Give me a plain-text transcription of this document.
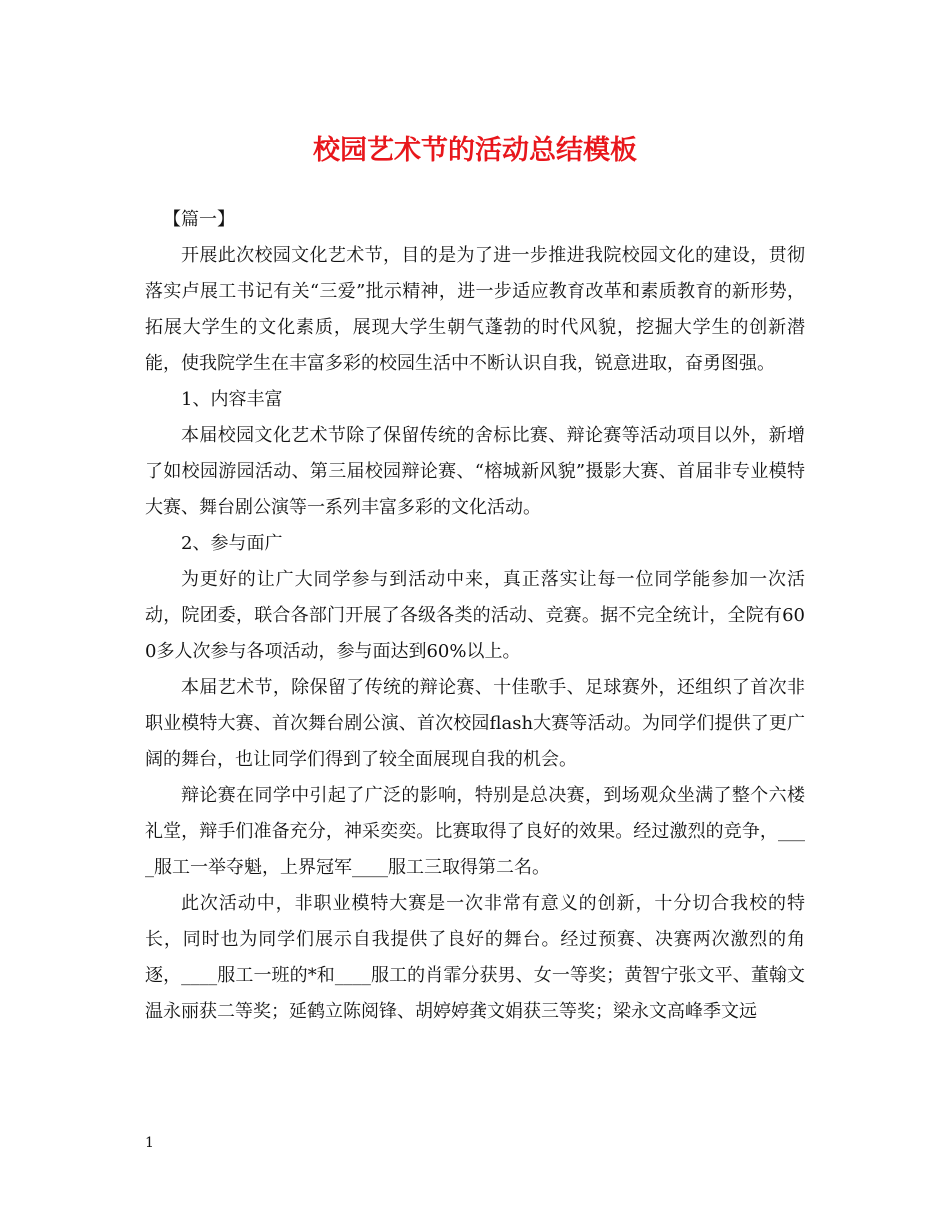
校园艺术节的活动总结模板

【篇一】

开展此次校园文化艺术节，目的是为了进一步推进我院校园文化的建设，贯彻落实卢展工书记有关“三爱”批示精神，进一步适应教育改革和素质教育的新形势，拓展大学生的文化素质，展现大学生朝气蓬勃的时代风貌，挖掘大学生的创新潜能，使我院学生在丰富多彩的校园生活中不断认识自我，锐意进取，奋勇图强。

1、内容丰富

本届校园文化艺术节除了保留传统的舍标比赛、辩论赛等活动项目以外，新增了如校园游园活动、第三届校园辩论赛、“榕城新风貌”摄影大赛、首届非专业模特大赛、舞台剧公演等一系列丰富多彩的文化活动。

2、参与面广

为更好的让广大同学参与到活动中来，真正落实让每一位同学能参加一次活动，院团委，联合各部门开展了各级各类的活动、竞赛。据不完全统计，全院有600多人次参与各项活动，参与面达到60%以上。

本届艺术节，除保留了传统的辩论赛、十佳歌手、足球赛外，还组织了首次非职业模特大赛、首次舞台剧公演、首次校园flash大赛等活动。为同学们提供了更广阔的舞台，也让同学们得到了较全面展现自我的机会。

辩论赛在同学中引起了广泛的影响，特别是总决赛，到场观众坐满了整个六楼礼堂，辩手们准备充分，神采奕奕。比赛取得了良好的效果。经过激烈的竞争，____服工一举夺魁，上界冠军____服工三取得第二名。

此次活动中，非职业模特大赛是一次非常有意义的创新，十分切合我校的特长，同时也为同学们展示自我提供了良好的舞台。经过预赛、决赛两次激烈的角逐，____服工一班的*和____服工的肖霏分获男、女一等奖；黄智宁张文平、董翰文温永丽获二等奖；延鹤立陈阅锋、胡婷婷龚文娟获三等奖；梁永文高峰季文远

1
